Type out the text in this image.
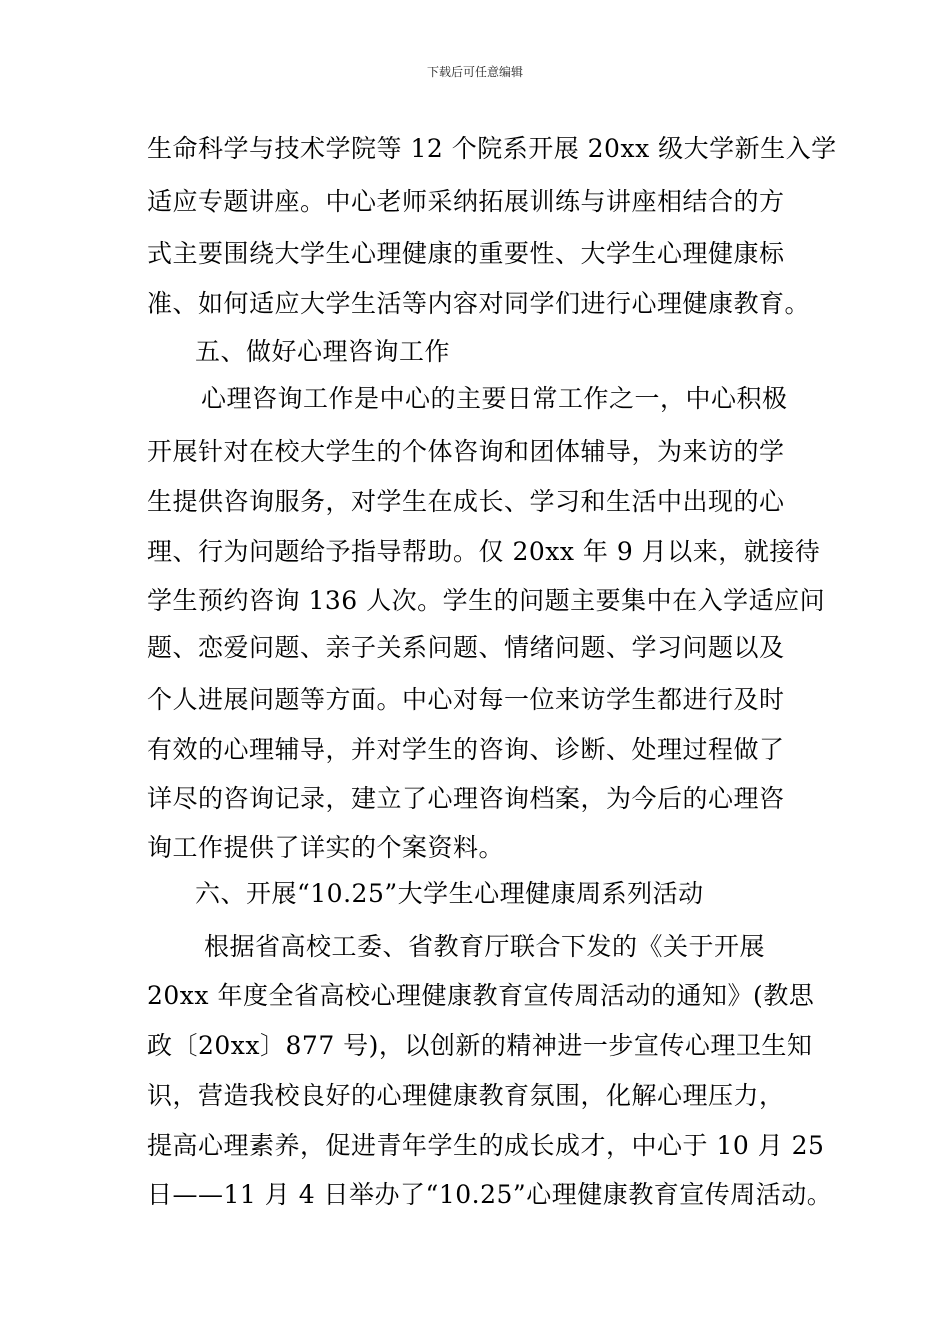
下载后可任意编辑
生命科学与技术学院等 12 个院系开展 20xx 级大学新生入学
适应专题讲座。中心老师采纳拓展训练与讲座相结合的方
式主要围绕大学生心理健康的重要性、大学生心理健康标
准、如何适应大学生活等内容对同学们进行心理健康教育。
五、做好心理咨询工作
心理咨询工作是中心的主要日常工作之一，中心积极
开展针对在校大学生的个体咨询和团体辅导，为来访的学
生提供咨询服务，对学生在成长、学习和生活中出现的心
理、行为问题给予指导帮助。仅 20xx 年 9 月以来，就接待
学生预约咨询 136 人次。学生的问题主要集中在入学适应问
题、恋爱问题、亲子关系问题、情绪问题、学习问题以及
个人进展问题等方面。中心对每一位来访学生都进行及时
有效的心理辅导，并对学生的咨询、诊断、处理过程做了
详尽的咨询记录，建立了心理咨询档案，为今后的心理咨
询工作提供了详实的个案资料。
六、开展“10.25”大学生心理健康周系列活动
根据省高校工委、省教育厅联合下发的《关于开展
20xx 年度全省高校心理健康教育宣传周活动的通知》(教思
政〔20xx〕877 号)，以创新的精神进一步宣传心理卫生知
识，营造我校良好的心理健康教育氛围，化解心理压力，
提高心理素养，促进青年学生的成长成才，中心于 10 月 25
日——11 月 4 日举办了“10.25”心理健康教育宣传周活动。
